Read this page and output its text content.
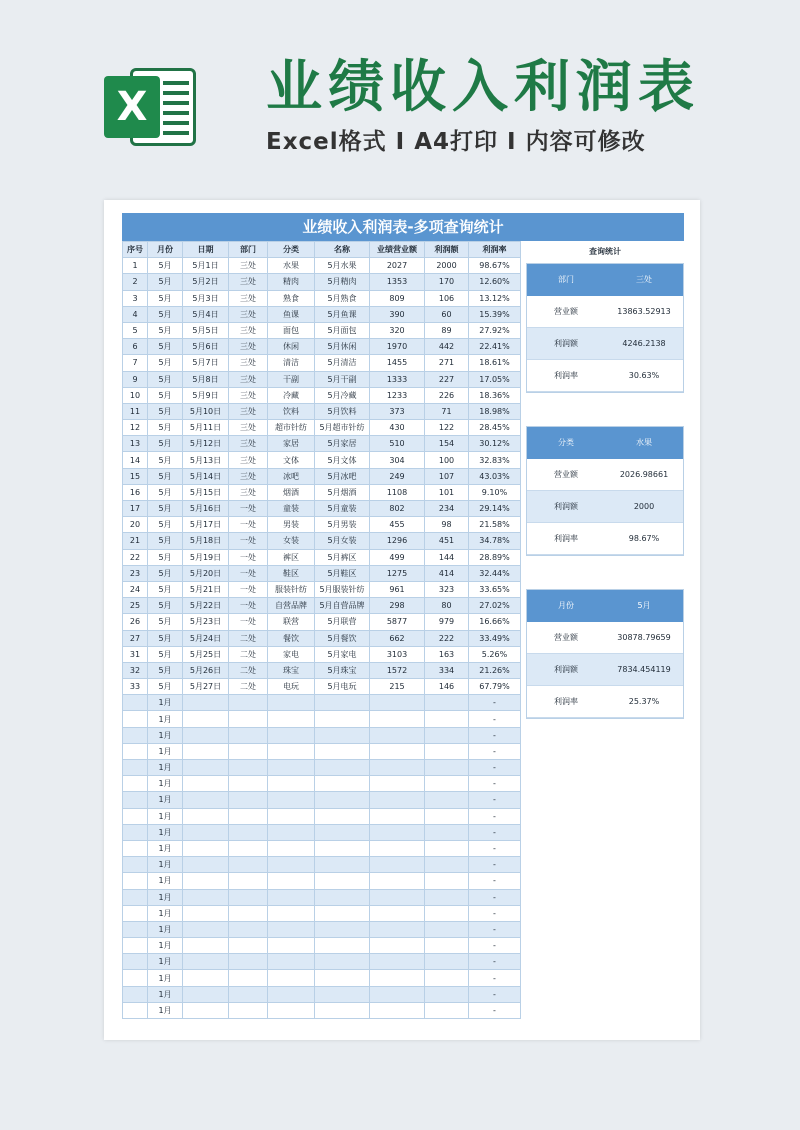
X 业绩收入利润表
Excel格式 I A4打印 I 内容可修改
业绩收入利润表-多项查询统计
序号	月份	日期	部门	分类	名称	业绩营业额	利润额	利润率
1	5月	5月1日	三处	水果	5月水果	2027	2000	98.67%
2	5月	5月2日	三处	精肉	5月精肉	1353	170	12.60%
3	5月	5月3日	三处	熟食	5月熟食	809	106	13.12%
4	5月	5月4日	三处	鱼课	5月鱼课	390	60	15.39%
5	5月	5月5日	三处	面包	5月面包	320	89	27.92%
6	5月	5月6日	三处	休闲	5月休闲	1970	442	22.41%
7	5月	5月7日	三处	清洁	5月清洁	1455	271	18.61%
9	5月	5月8日	三处	干副	5月干副	1333	227	17.05%
10	5月	5月9日	三处	冷藏	5月冷藏	1233	226	18.36%
11	5月	5月10日	三处	饮料	5月饮料	373	71	18.98%
12	5月	5月11日	三处	超市针纺	5月超市针纺	430	122	28.45%
13	5月	5月12日	三处	家居	5月家居	510	154	30.12%
14	5月	5月13日	三处	文体	5月文体	304	100	32.83%
15	5月	5月14日	三处	冰吧	5月冰吧	249	107	43.03%
16	5月	5月15日	三处	烟酒	5月烟酒	1108	101	9.10%
17	5月	5月16日	一处	童装	5月童装	802	234	29.14%
20	5月	5月17日	一处	男装	5月男装	455	98	21.58%
21	5月	5月18日	一处	女装	5月女装	1296	451	34.78%
22	5月	5月19日	一处	裤区	5月裤区	499	144	28.89%
23	5月	5月20日	一处	鞋区	5月鞋区	1275	414	32.44%
24	5月	5月21日	一处	服装针纺	5月服装针纺	961	323	33.65%
25	5月	5月22日	一处	自营品牌	5月自营品牌	298	80	27.02%
26	5月	5月23日	一处	联营	5月联营	5877	979	16.66%
27	5月	5月24日	二处	餐饮	5月餐饮	662	222	33.49%
31	5月	5月25日	二处	家电	5月家电	3103	163	5.26%
32	5月	5月26日	二处	珠宝	5月珠宝	1572	334	21.26%
33	5月	5月27日	二处	电玩	5月电玩	215	146	67.79%
	1月							-
	1月							-
	1月							-
	1月							-
	1月							-
	1月							-
	1月							-
	1月							-
	1月							-
	1月							-
	1月							-
	1月							-
	1月							-
	1月							-
	1月							-
	1月							-
	1月							-
	1月							-
	1月							-
	1月							-
查询统计
部门	三处
营业额	13863.52913
利润额	4246.2138
利润率	30.63%
分类	水果
营业额	2026.98661
利润额	2000
利润率	98.67%
月份	5月
营业额	30878.79659
利润额	7834.454119
利润率	25.37%
